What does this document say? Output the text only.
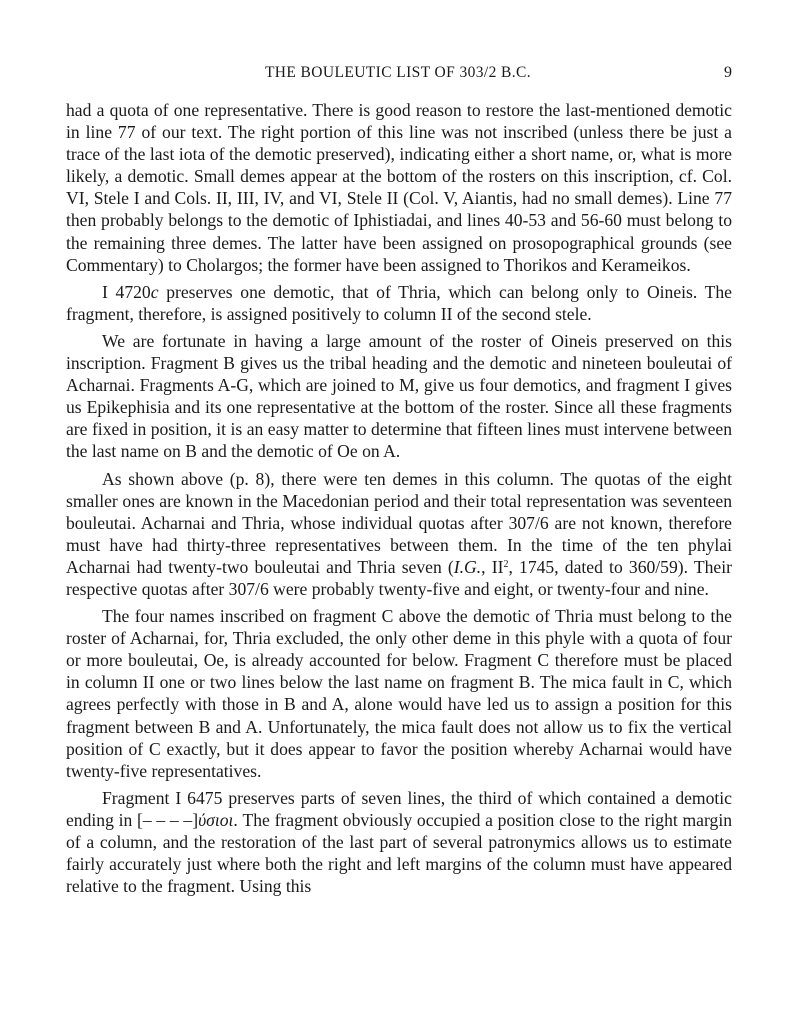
THE BOULEUTIC LIST OF 303/2 B.C.	9

had a quota of one representative. There is good reason to restore the last-mentioned demotic in line 77 of our text. The right portion of this line was not inscribed (unless there be just a trace of the last iota of the demotic preserved), indicating either a short name, or, what is more likely, a demotic. Small demes appear at the bottom of the rosters on this inscription, cf. Col. VI, Stele I and Cols. II, III, IV, and VI, Stele II (Col. V, Aiantis, had no small demes). Line 77 then probably belongs to the demotic of Iphistiadai, and lines 40-53 and 56-60 must belong to the remaining three demes. The latter have been assigned on prosopographical grounds (see Commentary) to Cholargos; the former have been assigned to Thorikos and Kerameikos.

I 4720c preserves one demotic, that of Thria, which can belong only to Oineis. The fragment, therefore, is assigned positively to column II of the second stele.

We are fortunate in having a large amount of the roster of Oineis preserved on this inscription. Fragment B gives us the tribal heading and the demotic and nineteen bouleutai of Acharnai. Fragments A-G, which are joined to M, give us four demotics, and fragment I gives us Epikephisia and its one representative at the bottom of the roster. Since all these fragments are fixed in position, it is an easy matter to determine that fifteen lines must intervene between the last name on B and the demotic of Oe on A.

As shown above (p. 8), there were ten demes in this column. The quotas of the eight smaller ones are known in the Macedonian period and their total representation was seventeen bouleutai. Acharnai and Thria, whose individual quotas after 307/6 are not known, therefore must have had thirty-three representatives between them. In the time of the ten phylai Acharnai had twenty-two bouleutai and Thria seven (I.G., $II^2$, 1745, dated to 360/59). Their respective quotas after 307/6 were probably twenty-five and eight, or twenty-four and nine.

The four names inscribed on fragment C above the demotic of Thria must belong to the roster of Acharnai, for, Thria excluded, the only other deme in this phyle with a quota of four or more bouleutai, Oe, is already accounted for below. Fragment C therefore must be placed in column II one or two lines below the last name on fragment B. The mica fault in C, which agrees perfectly with those in B and A, alone would have led us to assign a position for this fragment between B and A. Unfortunately, the mica fault does not allow us to fix the vertical position of C exactly, but it does appear to favor the position whereby Acharnai would have twenty-five representatives.

Fragment I 6475 preserves parts of seven lines, the third of which contained a demotic ending in [– – – –]ύσιοι. The fragment obviously occupied a position close to the right margin of a column, and the restoration of the last part of several patronymics allows us to estimate fairly accurately just where both the right and left margins of the column must have appeared relative to the fragment. Using this
